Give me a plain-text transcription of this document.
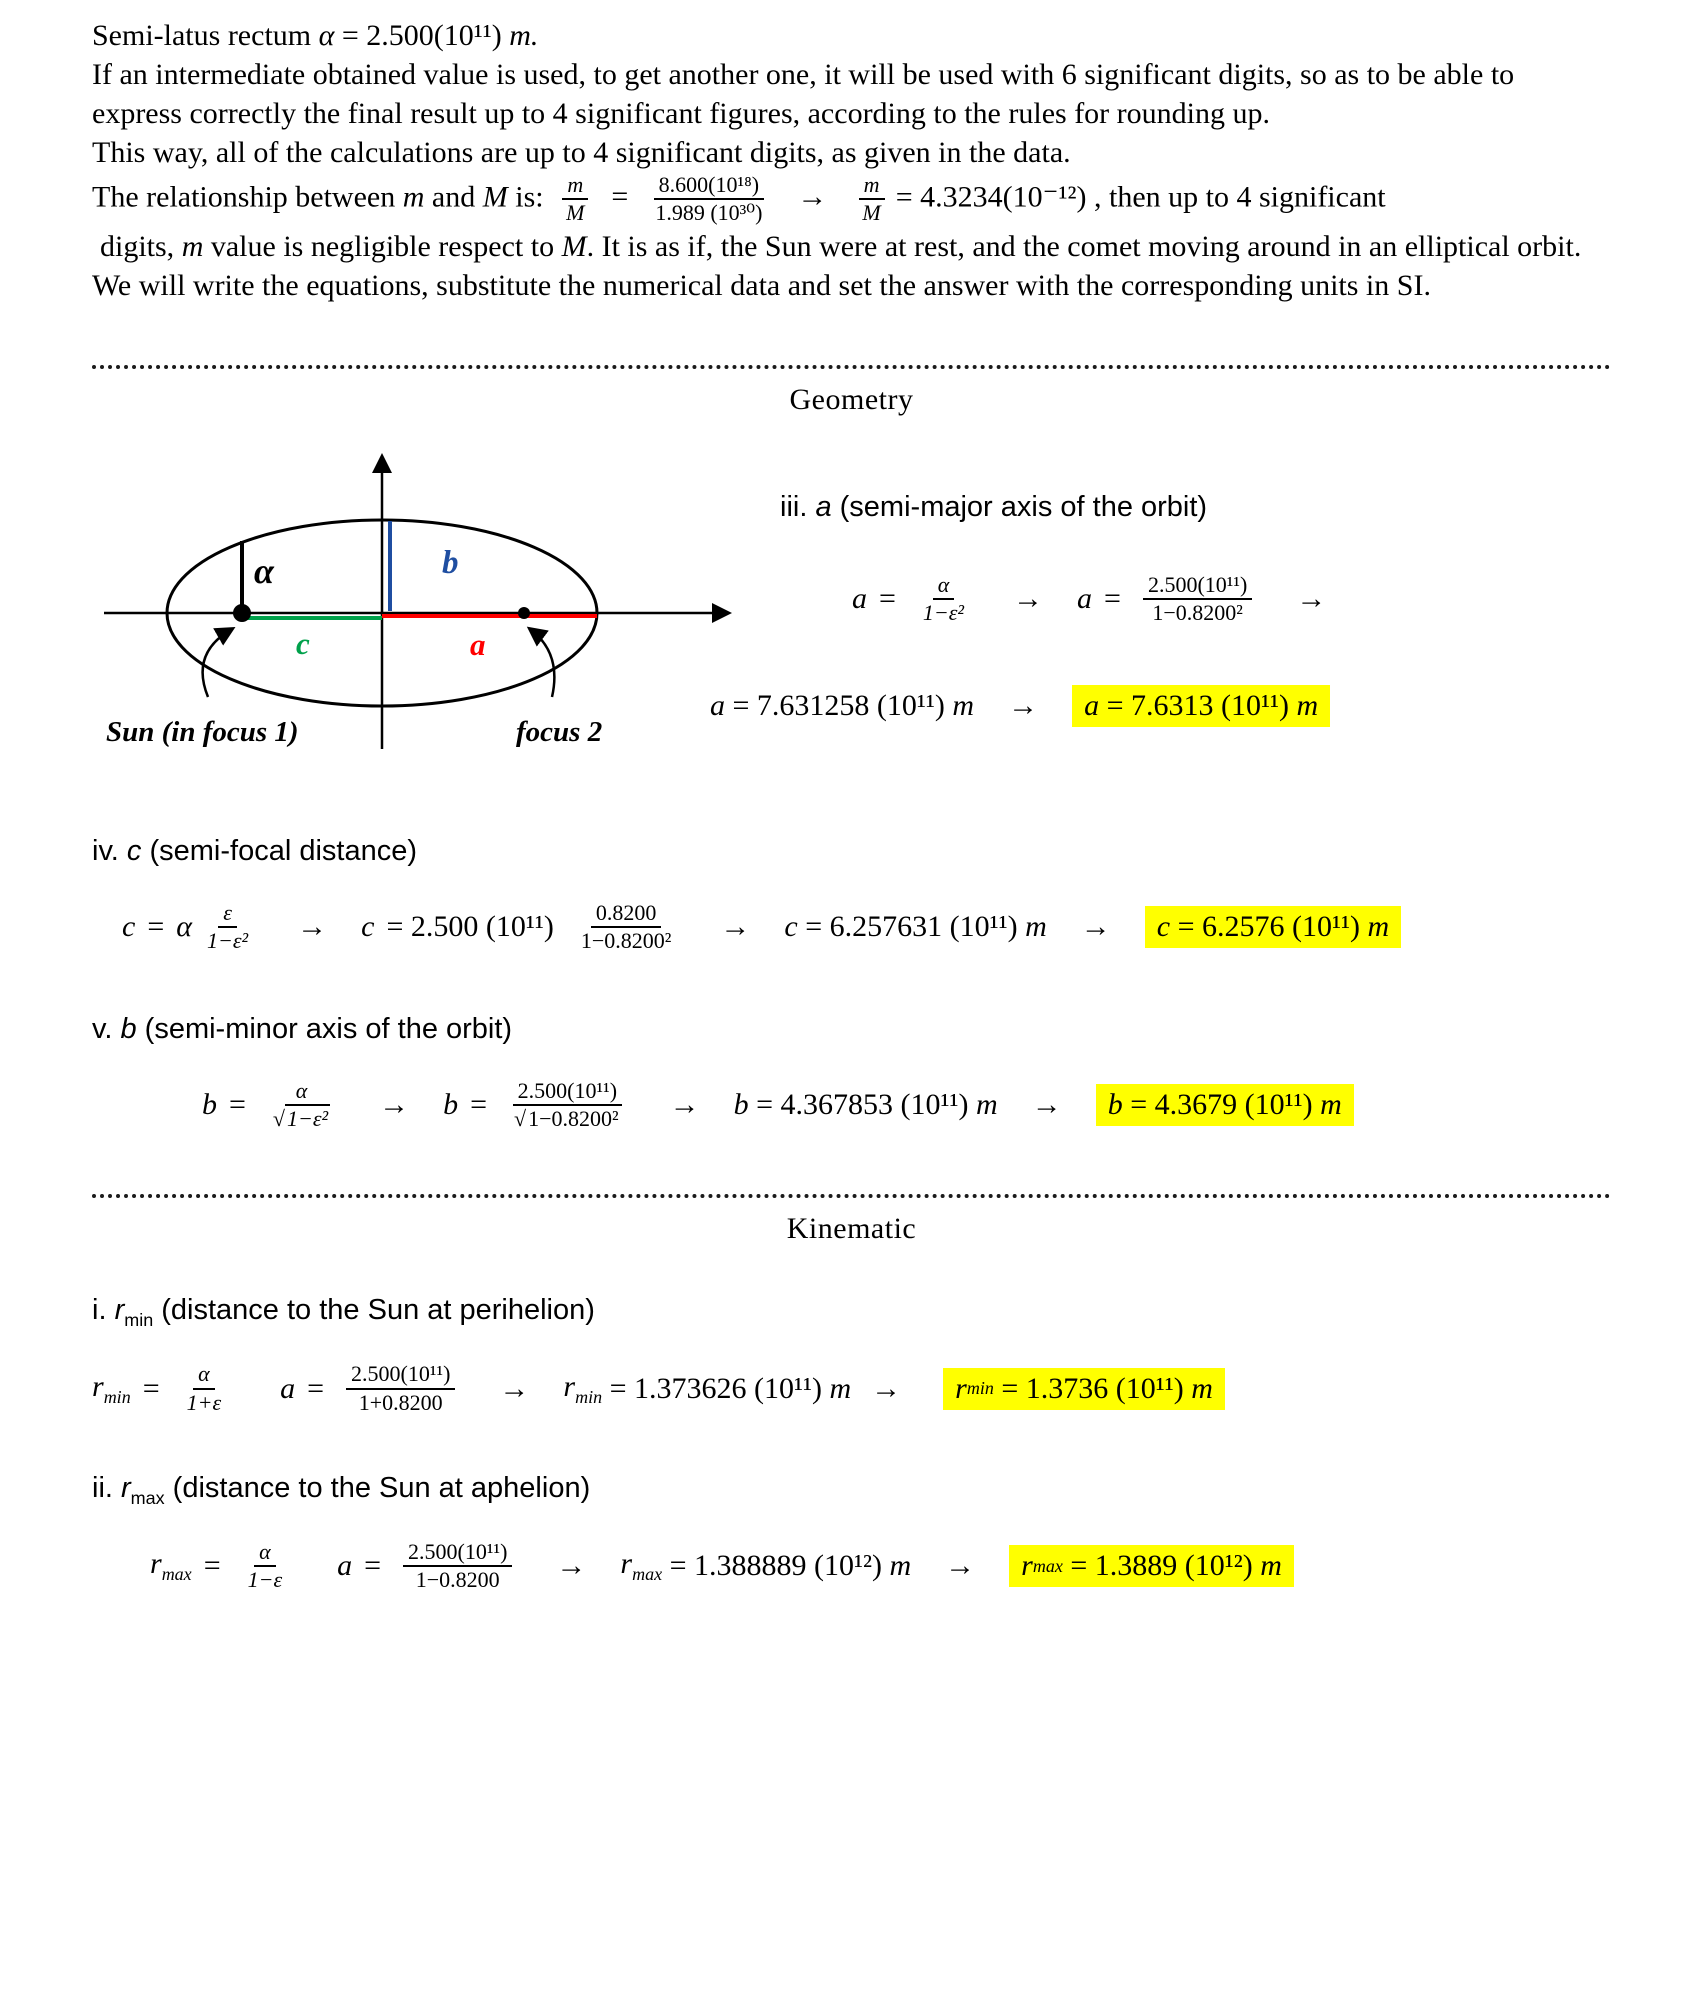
Semi-latus rectum α = 2.500(10¹¹) m.

If an intermediate obtained value is used, to get another one, it will be used with 6 significant digits, so as to be able to express correctly the final result up to 4 significant figures, according to the rules for rounding up.

This way, all of the calculations are up to 4 significant digits, as given in the data.

The relationship between m and M is: $\frac{m}{M} = \frac{\text{8.600(10¹⁸)}}{\text{1.989 (10³⁰)}} \to \frac{m}{M} = 4.3234(10^{-12})$ , then up to 4 significant

digits, m value is negligible respect to M. It is as if, the Sun were at rest, and the comet moving around in an elliptical orbit.

We will write the equations, substitute the numerical data and set the answer with the corresponding units in SI.

Geometry
α	b
c	a
Sun (in focus 1)	focus 2
iii. a (semi-major axis of the orbit)
$a = \frac{\alpha}{\text{1−ε²}} \to a = \frac{\text{2.500(10¹¹)}}{\text{1−0.8200²}}$ →
a = 7.631258 (10¹¹) m → a = 7.6313 (10¹¹) m
iv. c (semi-focal distance)
c = α $\frac{\varepsilon}{\text{1−ε²}} \to c = 2.500$ $(10^{11}) \frac{0.8200}{\text{1−0.8200²}} \to c = 6.257631$ (10¹¹) m → c = 6.2576 (10¹¹) m
v. b (semi-minor axis of the orbit)
$b = \frac{\alpha}{\text{√1−ε²}} \to b = \frac{\text{2.500(10¹¹)}}{\text{√1−0.8200²}} \to b = 4.367853$ (10¹¹) m → b = 4.3679 (10¹¹) m
Kinematic
i. $r_{min}$ (distance to the Sun at perihelion)
$r_{min} = \frac{\alpha}{1+\varepsilon}$ $a = \frac{\text{2.500(10¹¹)}}{1+0.8200} \to r_{min} = 1.373626$ (10¹¹) m → r min = 1.3736 (10¹¹) m
ii. $r_{max}$ (distance to the Sun at aphelion)
$r_{max} = \frac{\alpha}{1-\varepsilon}$ $a = \frac{\text{2.500(10¹¹)}}{1-0.8200} \to r_{max} = 1.388889$ (10¹²) m → r max = 1.3889 (10¹²) m
